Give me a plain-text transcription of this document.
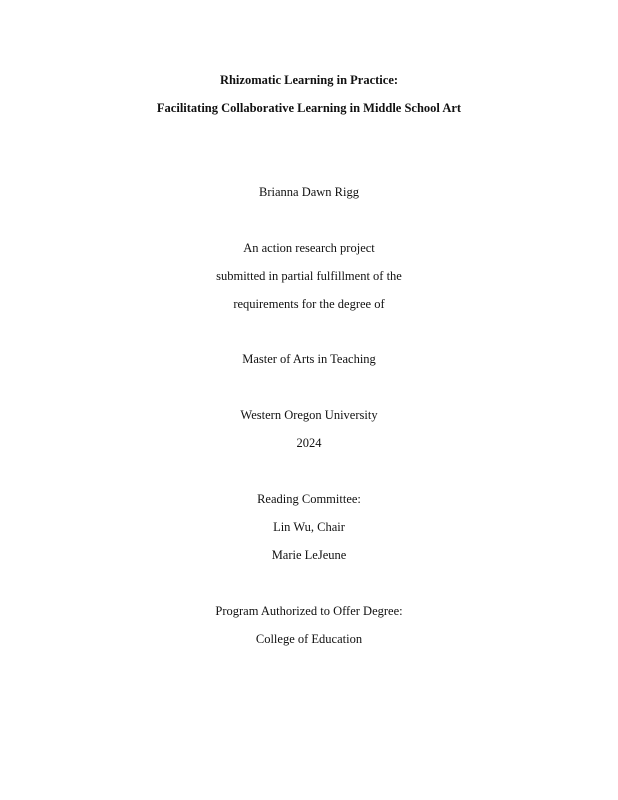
Rhizomatic Learning in Practice:
Facilitating Collaborative Learning in Middle School Art
Brianna Dawn Rigg
An action research project
submitted in partial fulfillment of the
requirements for the degree of
Master of Arts in Teaching
Western Oregon University
2024
Reading Committee:
Lin Wu, Chair
Marie LeJeune
Program Authorized to Offer Degree:
College of Education
